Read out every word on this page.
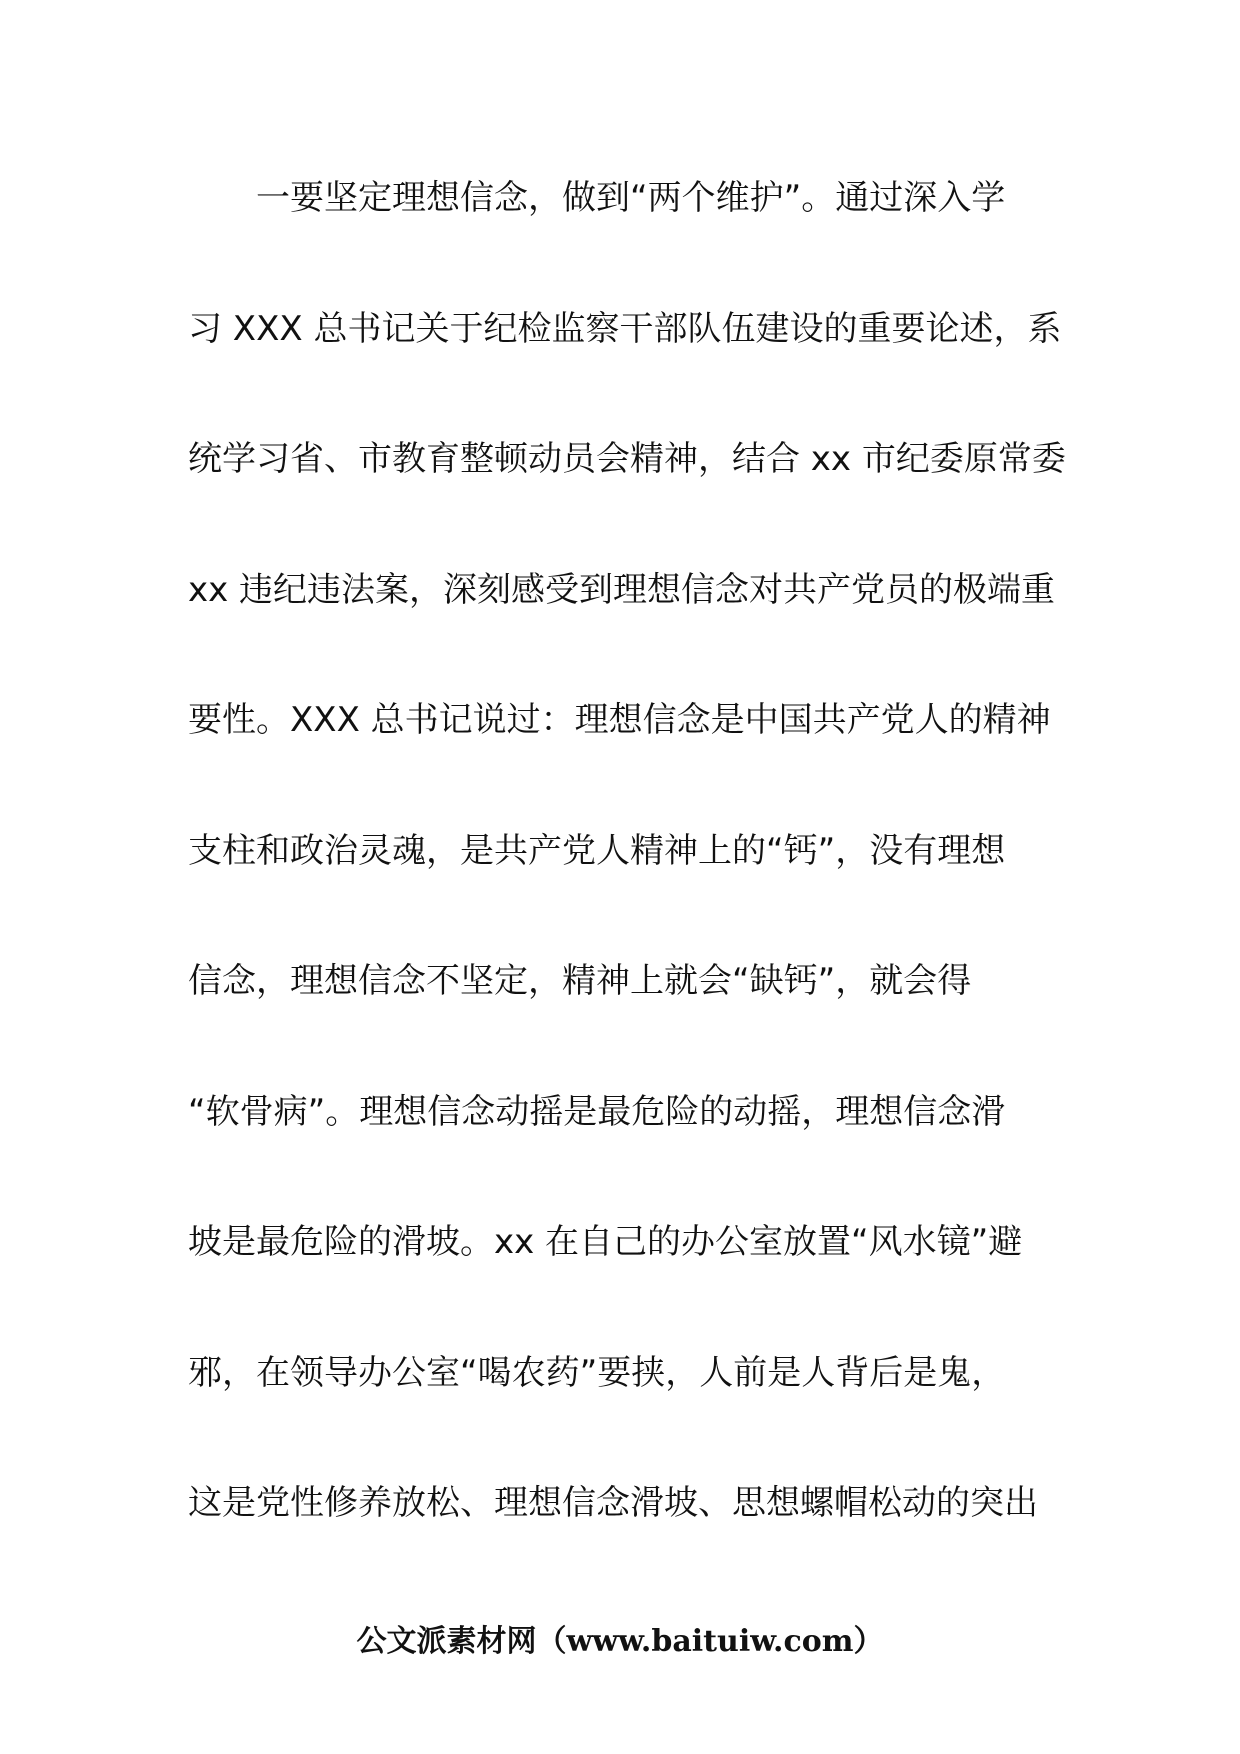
一要坚定理想信念，做到“两个维护”。通过深入学
习 XXX 总书记关于纪检监察干部队伍建设的重要论述，系
统学习省、市教育整顿动员会精神，结合 xx 市纪委原常委
xx 违纪违法案，深刻感受到理想信念对共产党员的极端重
要性。XXX 总书记说过：理想信念是中国共产党人的精神
支柱和政治灵魂，是共产党人精神上的“钙”，没有理想
信念，理想信念不坚定，精神上就会“缺钙”，就会得
“软骨病”。理想信念动摇是最危险的动摇，理想信念滑
坡是最危险的滑坡。xx 在自己的办公室放置“风水镜”避
邪，在领导办公室“喝农药”要挟，人前是人背后是鬼，
这是党性修养放松、理想信念滑坡、思想螺帽松动的突出
公文派素材网（www.baituiw.com）
